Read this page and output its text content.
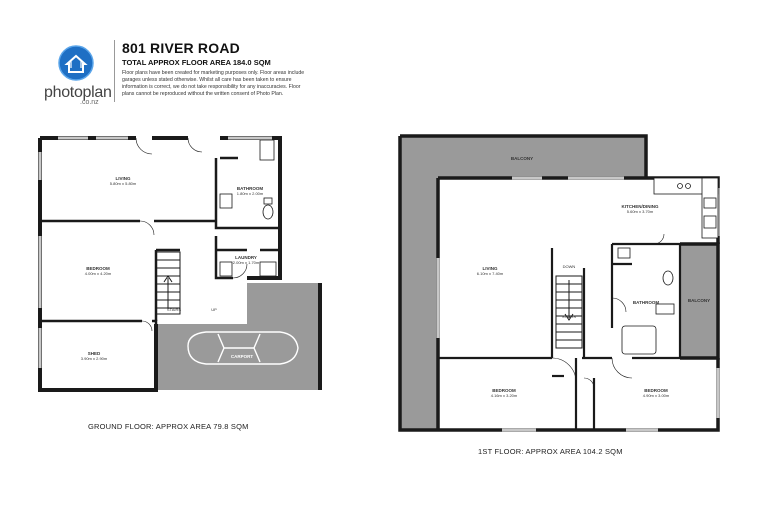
photoplan
.co.nz
801 RIVER ROAD
TOTAL APPROX FLOOR AREA 184.0 SQM
Floor plans have been created for marketing purposes only. Floor areas include garages unless stated otherwise. Whilst all care has been taken to ensure information is correct, we do not take responsibility for any inaccuracies. Floor plans cannot be reproduced without the written consent of Photo Plan.
LIVING
5.80m x 5.80m
BATHROOM
1.80m x 2.00m
BEDROOM
4.00m x 4.20m
LAUNDRY
2.00m x 1.70m
SHED
3.90m x 2.90m	CARPORT
STAIRS	UP
BALCONY
KITCHEN/DINING
5.60m x 3.70m
LIVING
6.10m x 7.40m
DOWN
STAIRS
BATHROOM	BALCONY
BEDROOM
4.16m x 3.20m
BEDROOM
4.90m x 3.00m
GROUND FLOOR: APPROX AREA 79.8 SQM
1ST FLOOR: APPROX AREA 104.2 SQM
